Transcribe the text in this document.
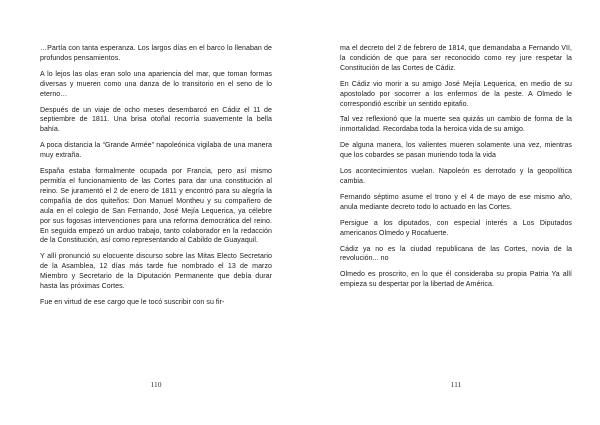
…Partía con tanta esperanza. Los largos días en el barco lo llenaban de profundos pensamientos.

A lo lejos las olas eran solo una apariencia del mar, que toman formas diversas y mueren como una danza de lo transitorio en el seno de lo eterno…

Después de un viaje de ocho meses desembarcó en Cádiz el 11 de septiembre de 1811. Una brisa otoñal recorría suavemente la bella bahía.

A poca distancia la “Grande Armée” napoleónica vigilaba de una manera muy extraña.

España estaba formalmente ocupada por Francia, pero así mismo permitía el funcionamiento de las Cortes para dar una constitución al reino. Se juramentó el 2 de enero de 1811 y encontró para su alegría la compañía de dos quiteños: Don Manuel Montheu y su compañero de aula en el colegio de San Fernando, José Mejía Lequerica, ya célebre por sus fogosas intervenciones para una reforma democrática del reino. En seguida empezó un arduo trabajo, tanto colaborador en la redacción de la Constitución, así como representando al Cabildo de Guayaquil.

Y allí pronunció su elocuente discurso sobre las Mitas Electo Secretario de la Asamblea, 12 días más tarde fue nombrado el 13 de marzo Miembro y Secretario de la Diputación Permanente que debía durar hasta las próximas Cortes.

Fue en virtud de ese cargo que le tocó suscribir con su fir-

110

ma el decreto del 2 de febrero de 1814, que demandaba a Fernando VII, la condición de que para ser reconocido como rey jure respetar la Constitución de las Cortes de Cádiz.

En Cádiz vio morir a su amigo José Mejía Lequerica, en medio de su apostolado por socorrer a los enfermos de la peste. A Olmedo le correspondió escribir un sentido epitafio.

Tal vez reflexionó que la muerte sea quizás un cambio de forma de la inmortalidad. Recordaba toda la heroica vida de su amigo.

De alguna manera, los valientes mueren solamente una vez, mientras que los cobardes se pasan muriendo toda la vida

Los acontecimientos vuelan. Napoleón es derrotado y la geopolítica cambia.

Fernando séptimo asume el trono y el 4 de mayo de ese mismo año, anula mediante decreto todo lo actuado en las Cortes.

Persigue a los diputados, con especial interés a Los Diputados americanos Olmedo y Rocafuerte.

Cádiz ya no es la ciudad republicana de las Cortes, novia de la revolución... no

Olmedo es proscrito, en lo que él consideraba su propia Patria Ya allí empieza su despertar por la libertad de América.

111
